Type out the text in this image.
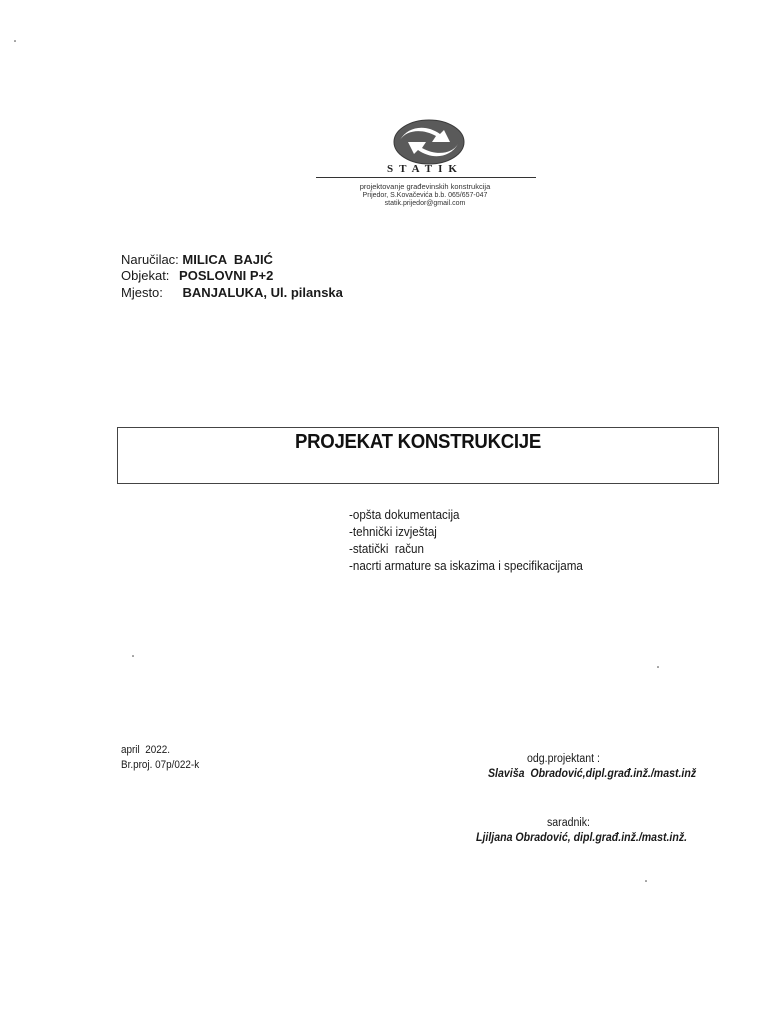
STATIK
projektovanje građevinskih konstrukcija
Prijedor, S.Kovačevića b.b. 065/657-047
statik.prijedor@gmail.com
Naručilac: MILICA  BAJIĆ
Objekat: POSLOVNI P+2
Mjesto: BANJALUKA, Ul. pilanska
PROJEKAT KONSTRUKCIJE
-opšta dokumentacija
-tehnički izvještaj
-statički  račun
-nacrti armature sa iskazima i specifikacijama
april  2022.
Br.proj. 07p/022-k	odg.projektant :
Slaviša  Obradović,dipl.građ.inž./mast.inž
saradnik:
Ljiljana Obradović, dipl.građ.inž./mast.inž.
